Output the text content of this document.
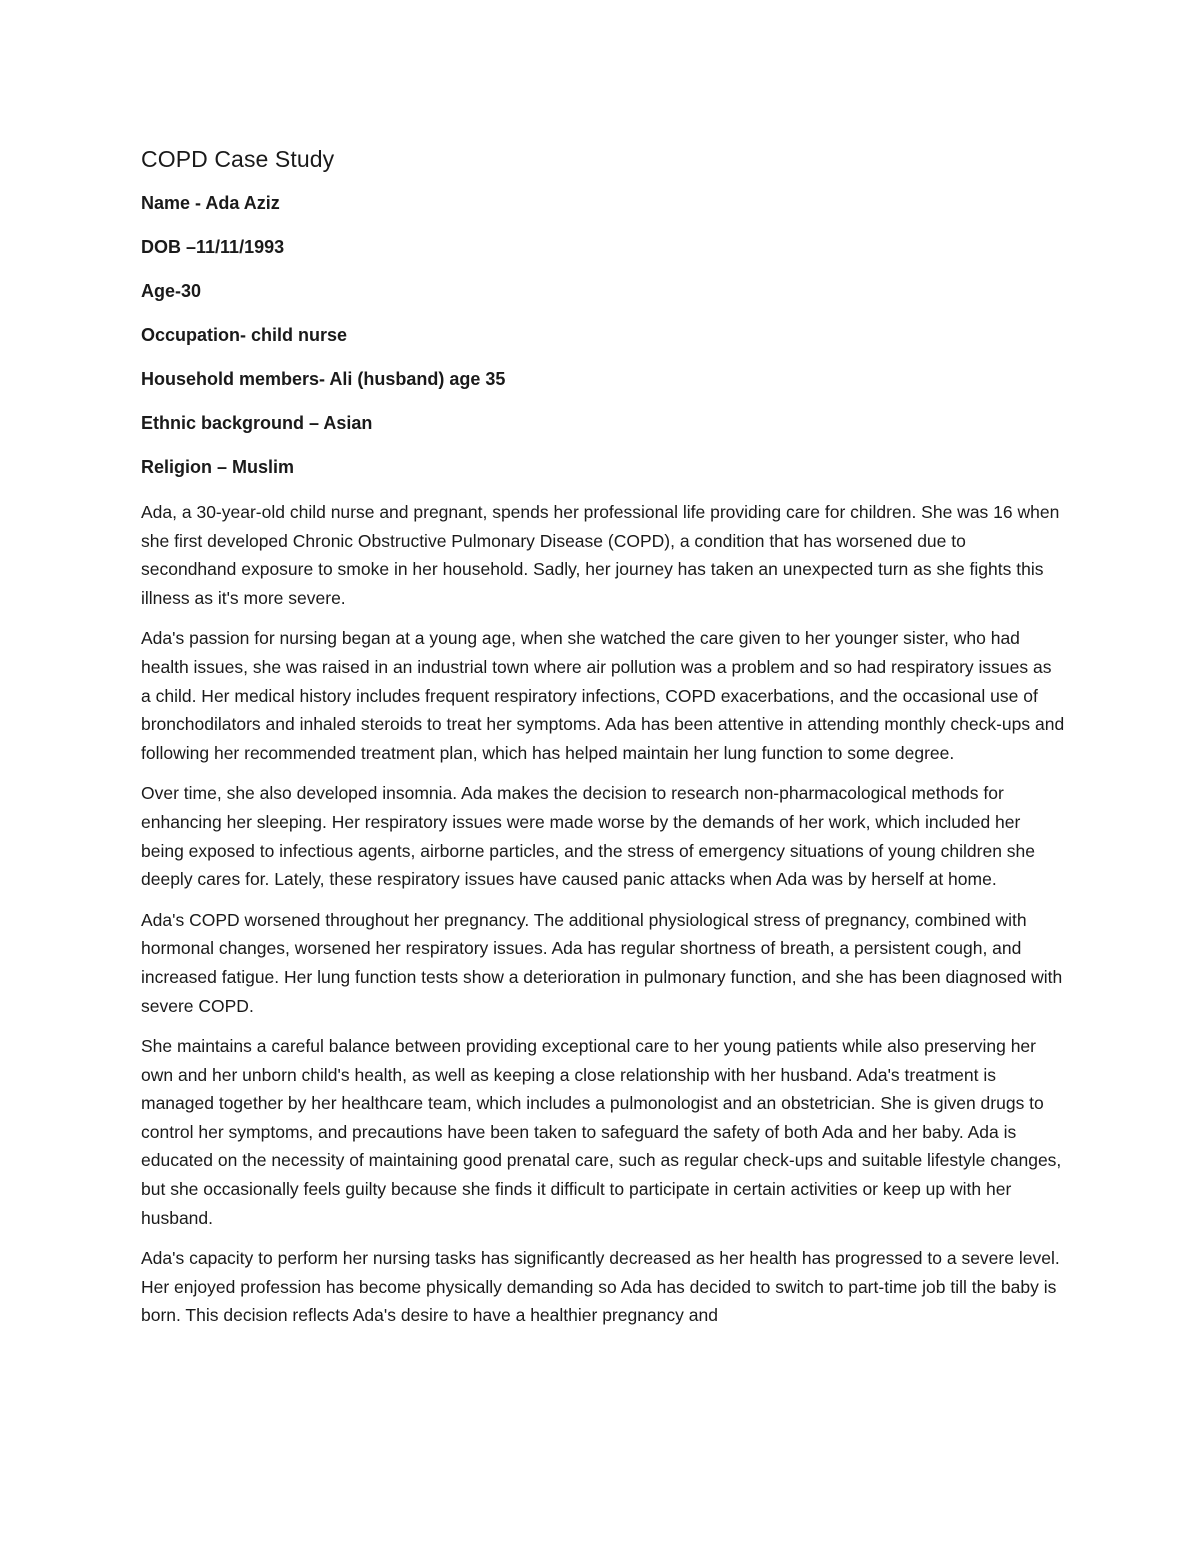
COPD Case Study

Name - Ada Aziz

DOB –11/11/1993

Age-30

Occupation- child nurse

Household members- Ali (husband) age 35

Ethnic background – Asian

Religion – Muslim

Ada, a 30-year-old child nurse and pregnant, spends her professional life providing care for children. She was 16 when she first developed Chronic Obstructive Pulmonary Disease (COPD), a condition that has worsened due to secondhand exposure to smoke in her household. Sadly, her journey has taken an unexpected turn as she fights this illness as it's more severe.

Ada's passion for nursing began at a young age, when she watched the care given to her younger sister, who had health issues, she was raised in an industrial town where air pollution was a problem and so had respiratory issues as a child. Her medical history includes frequent respiratory infections, COPD exacerbations, and the occasional use of bronchodilators and inhaled steroids to treat her symptoms. Ada has been attentive in attending monthly check-ups and following her recommended treatment plan, which has helped maintain her lung function to some degree.

Over time, she also developed insomnia. Ada makes the decision to research non-pharmacological methods for enhancing her sleeping. Her respiratory issues were made worse by the demands of her work, which included her being exposed to infectious agents, airborne particles, and the stress of emergency situations of young children she deeply cares for. Lately, these respiratory issues have caused panic attacks when Ada was by herself at home.

Ada's COPD worsened throughout her pregnancy. The additional physiological stress of pregnancy, combined with hormonal changes, worsened her respiratory issues. Ada has regular shortness of breath, a persistent cough, and increased fatigue. Her lung function tests show a deterioration in pulmonary function, and she has been diagnosed with severe COPD.

She maintains a careful balance between providing exceptional care to her young patients while also preserving her own and her unborn child's health, as well as keeping a close relationship with her husband. Ada's treatment is managed together by her healthcare team, which includes a pulmonologist and an obstetrician. She is given drugs to control her symptoms, and precautions have been taken to safeguard the safety of both Ada and her baby. Ada is educated on the necessity of maintaining good prenatal care, such as regular check-ups and suitable lifestyle changes, but she occasionally feels guilty because she finds it difficult to participate in certain activities or keep up with her husband.

Ada's capacity to perform her nursing tasks has significantly decreased as her health has progressed to a severe level. Her enjoyed profession has become physically demanding so Ada has decided to switch to part-time job till the baby is born. This decision reflects Ada's desire to have a healthier pregnancy and
